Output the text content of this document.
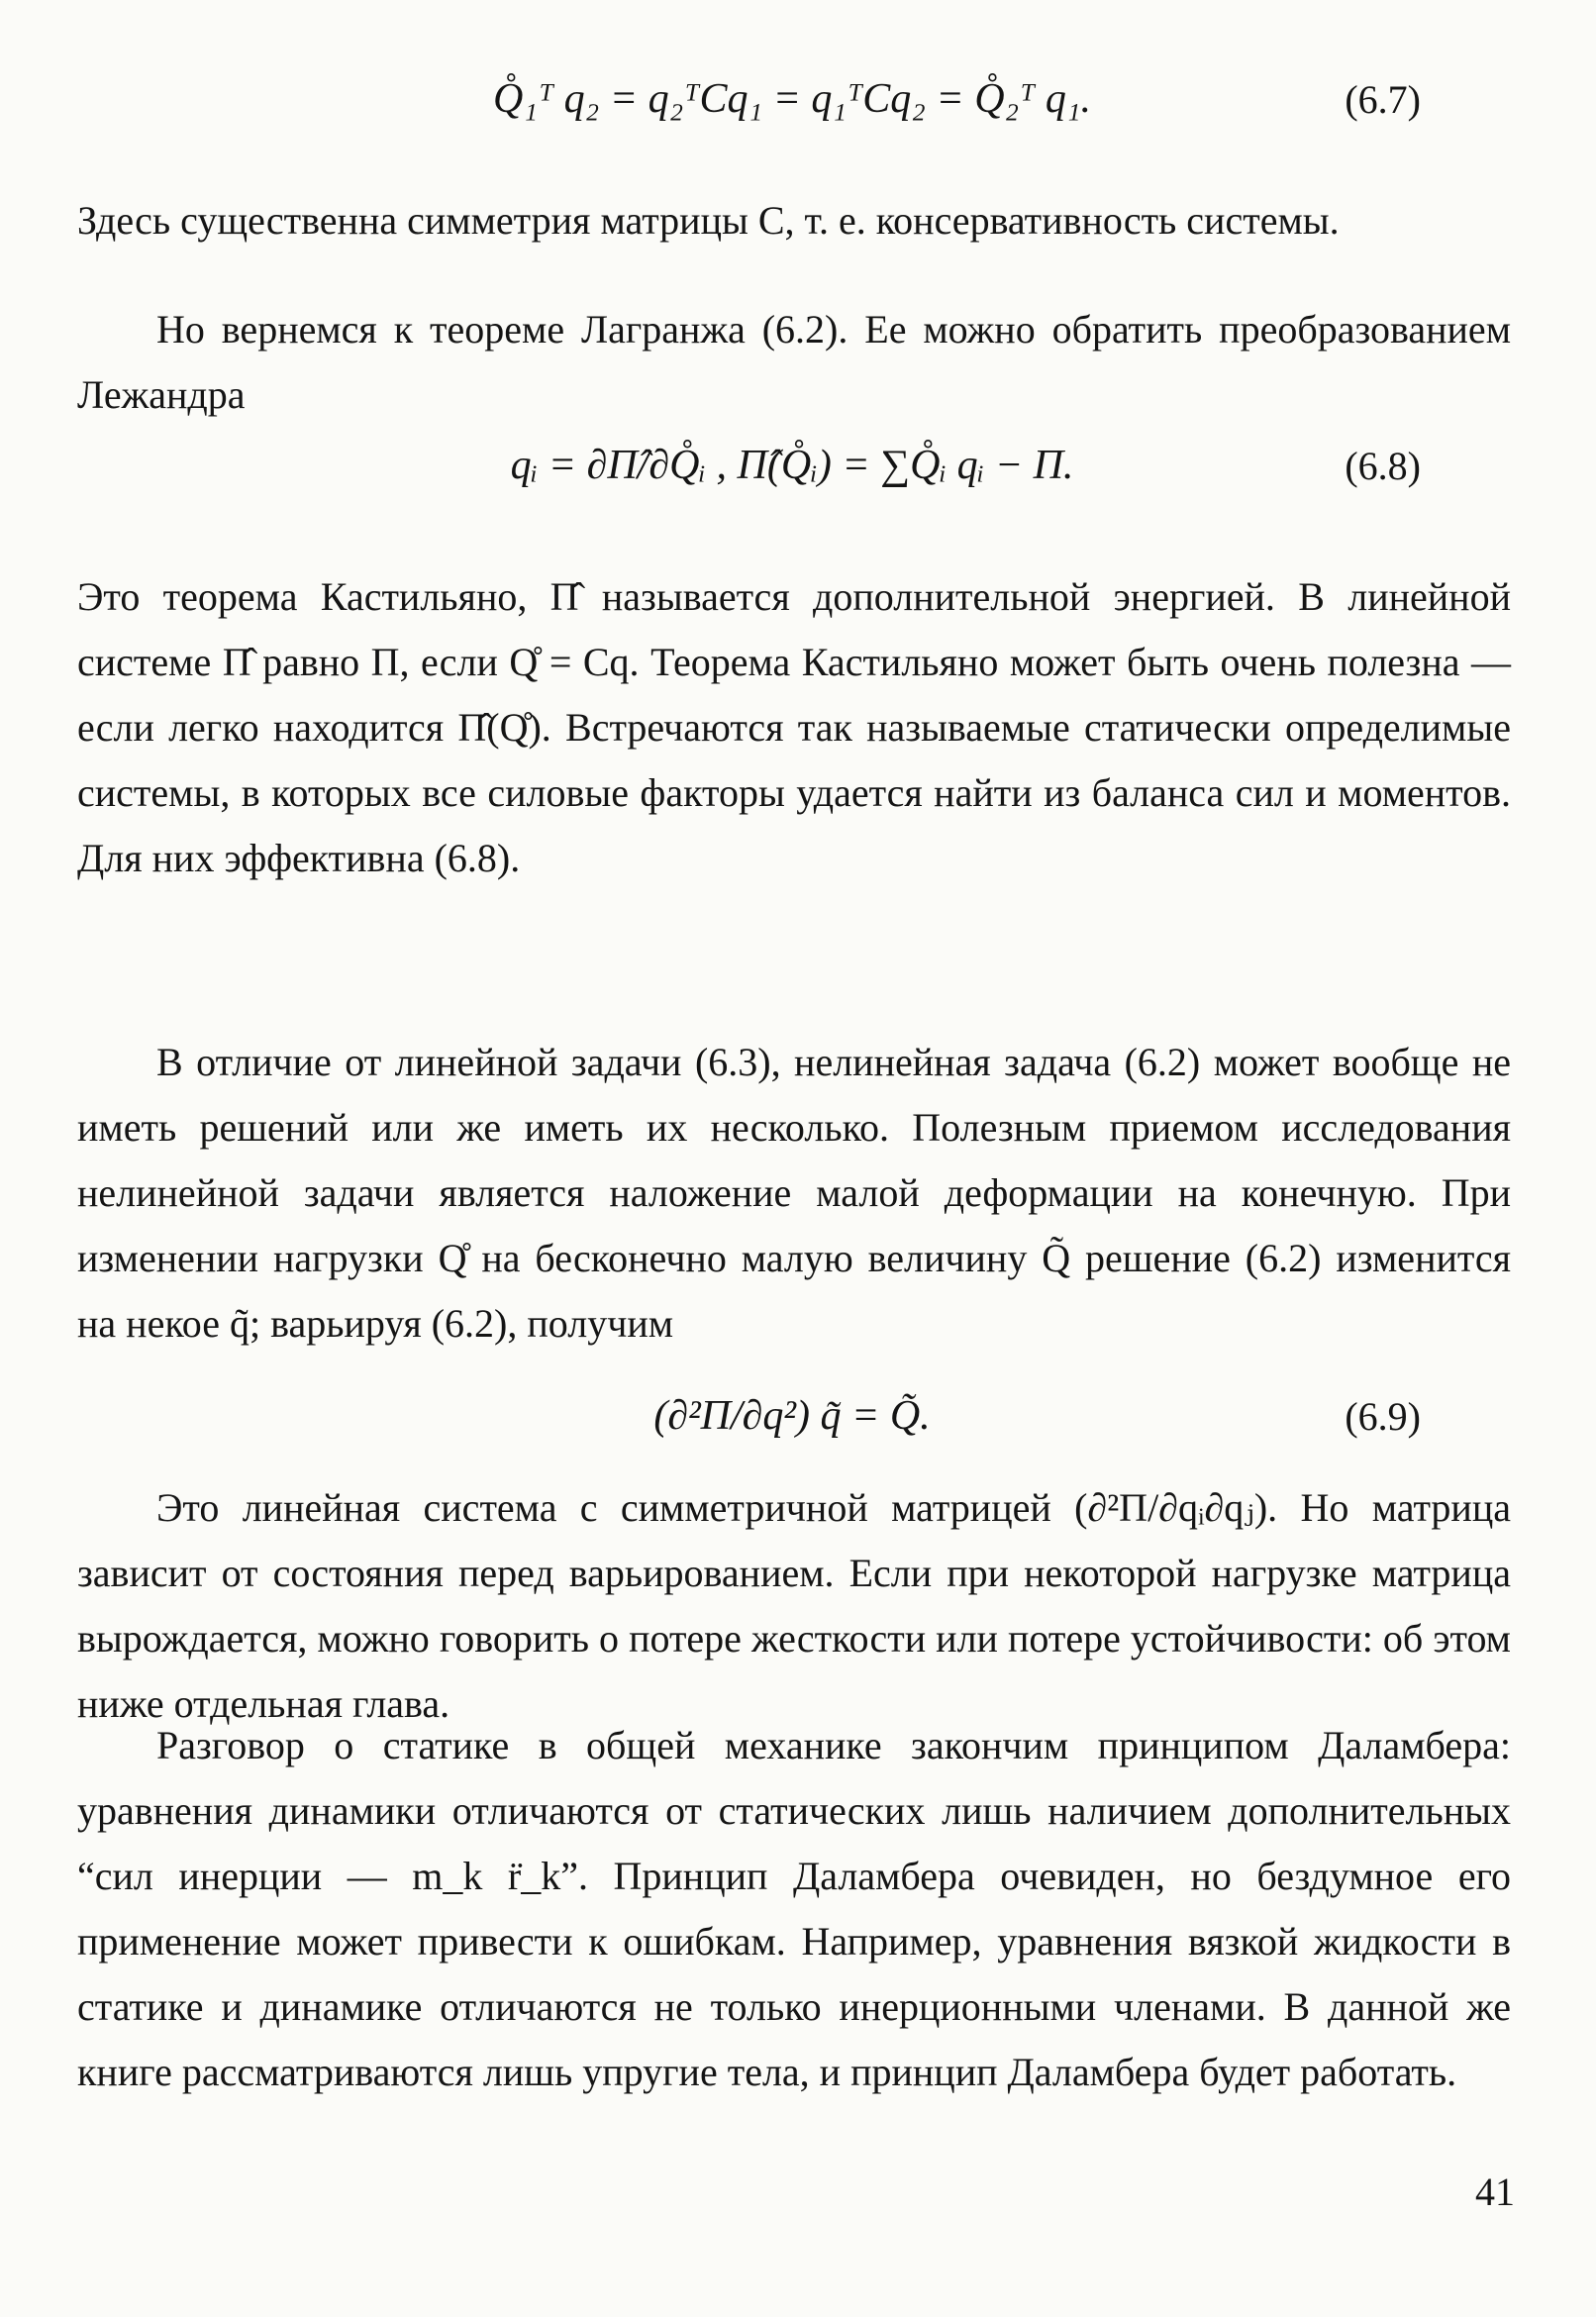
Q̊₁ᵀ q₂ = q₂ᵀCq₁ = q₁ᵀCq₂ = Q̊₂ᵀ q₁.	(6.7)
Здесь существенна симметрия матрицы C, т. е. консервативность системы.
Но вернемся к теореме Лагранжа (6.2). Ее можно обратить преобразованием Лежандра
qᵢ = ∂Π̂/∂Q̊ᵢ , Π̂(Q̊ᵢ) = ∑Q̊ᵢ qᵢ − Π.	(6.8)
Это теорема Кастильяно, Π̂ называется дополнительной энергией. В линейной системе Π̂ равно Π, если Q̊ = Cq. Теорема Кастильяно может быть очень полезна — если легко находится Π̂(Q̊). Встречаются так называемые статически определимые системы, в которых все силовые факторы удается найти из баланса сил и моментов. Для них эффективна (6.8).
В отличие от линейной задачи (6.3), нелинейная задача (6.2) может вообще не иметь решений или же иметь их несколько. Полезным приемом исследования нелинейной задачи является наложение малой деформации на конечную. При изменении нагрузки Q̊ на бесконечно малую величину Q̃ решение (6.2) изменится на некое q̃; варьируя (6.2), получим
(∂²Π/∂q²) q̃ = Q̃.	(6.9)
Это линейная система с симметричной матрицей (∂²Π/∂qᵢ∂qⱼ). Но матрица зависит от состояния перед варьированием. Если при некоторой нагрузке матрица вырождается, можно говорить о потере жесткости или потере устойчивости: об этом ниже отдельная глава.
Разговор о статике в общей механике закончим принципом Даламбера: уравнения динамики отличаются от статических лишь наличием дополнительных “сил инерции — m_k r̈_k”. Принцип Даламбера очевиден, но бездумное его применение может привести к ошибкам. Например, уравнения вязкой жидкости в статике и динамике отличаются не только инерционными членами. В данной же книге рассматриваются лишь упругие тела, и принцип Даламбера будет работать.
41
